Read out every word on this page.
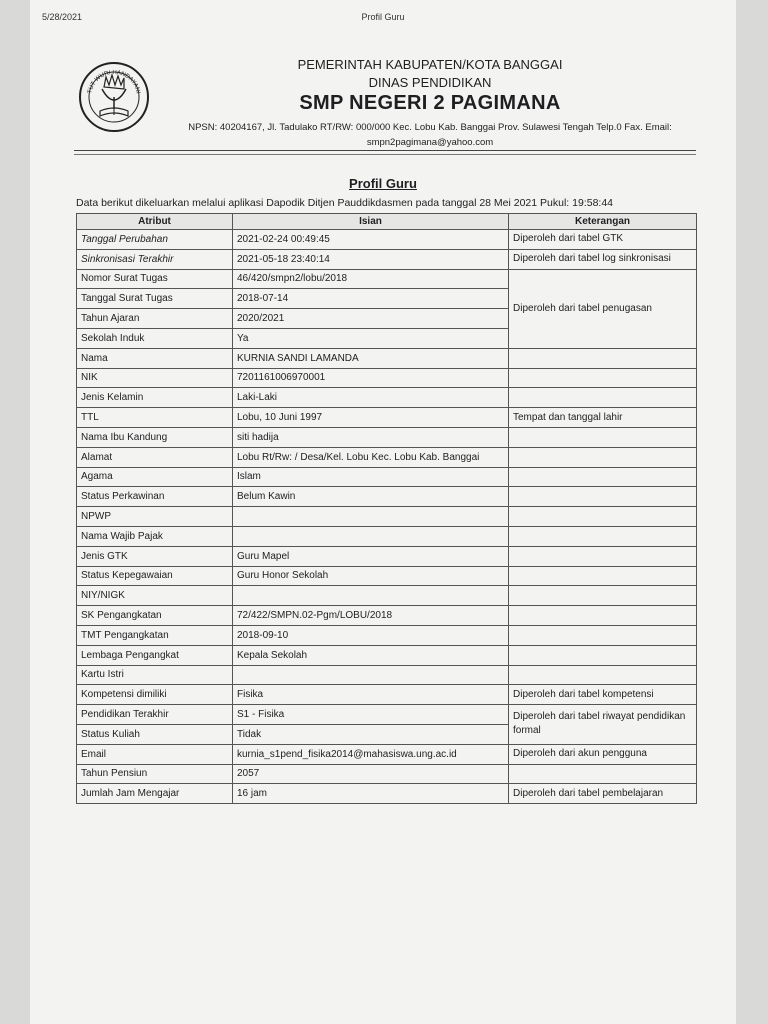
5/28/2021	Profil Guru
TUT WURI HANDAYANI
PEMERINTAH KABUPATEN/KOTA BANGGAI
DINAS PENDIDIKAN
SMP NEGERI 2 PAGIMANA
NPSN: 40204167, Jl. Tadulako RT/RW: 000/000 Kec. Lobu Kab. Banggai Prov. Sulawesi Tengah Telp.0 Fax. Email:
smpn2pagimana@yahoo.com
Profil Guru
Data berikut dikeluarkan melalui aplikasi Dapodik Ditjen Pauddikdasmen pada tanggal 28 Mei 2021 Pukul: 19:58:44
Atribut	Isian	Keterangan
Tanggal Perubahan	2021-02-24 00:49:45	Diperoleh dari tabel GTK
Sinkronisasi Terakhir	2021-05-18 23:40:14	Diperoleh dari tabel log sinkronisasi
Nomor Surat Tugas	46/420/smpn2/lobu/2018	Diperoleh dari tabel penugasan
Tanggal Surat Tugas	2018-07-14	
Tahun Ajaran	2020/2021	
Sekolah Induk	Ya	
Nama	KURNIA SANDI LAMANDA	
NIK	7201161006970001	
Jenis Kelamin	Laki-Laki	
TTL	Lobu, 10 Juni 1997	Tempat dan tanggal lahir
Nama Ibu Kandung	siti hadija	
Alamat	Lobu Rt/Rw: / Desa/Kel. Lobu Kec. Lobu Kab. Banggai	
Agama	Islam	
Status Perkawinan	Belum Kawin	
NPWP		
Nama Wajib Pajak		
Jenis GTK	Guru Mapel	
Status Kepegawaian	Guru Honor Sekolah	
NIY/NIGK		
SK Pengangkatan	72/422/SMPN.02-Pgm/LOBU/2018	
TMT Pengangkatan	2018-09-10	
Lembaga Pengangkat	Kepala Sekolah	
Kartu Istri		
Kompetensi dimiliki	Fisika	Diperoleh dari tabel kompetensi
Pendidikan Terakhir	S1 - Fisika	Diperoleh dari tabel riwayat pendidikan formal
Status Kuliah	Tidak	
Email	kurnia_s1pend_fisika2014@mahasiswa.ung.ac.id	Diperoleh dari akun pengguna
Tahun Pensiun	2057	
Jumlah Jam Mengajar	16 jam	Diperoleh dari tabel pembelajaran
